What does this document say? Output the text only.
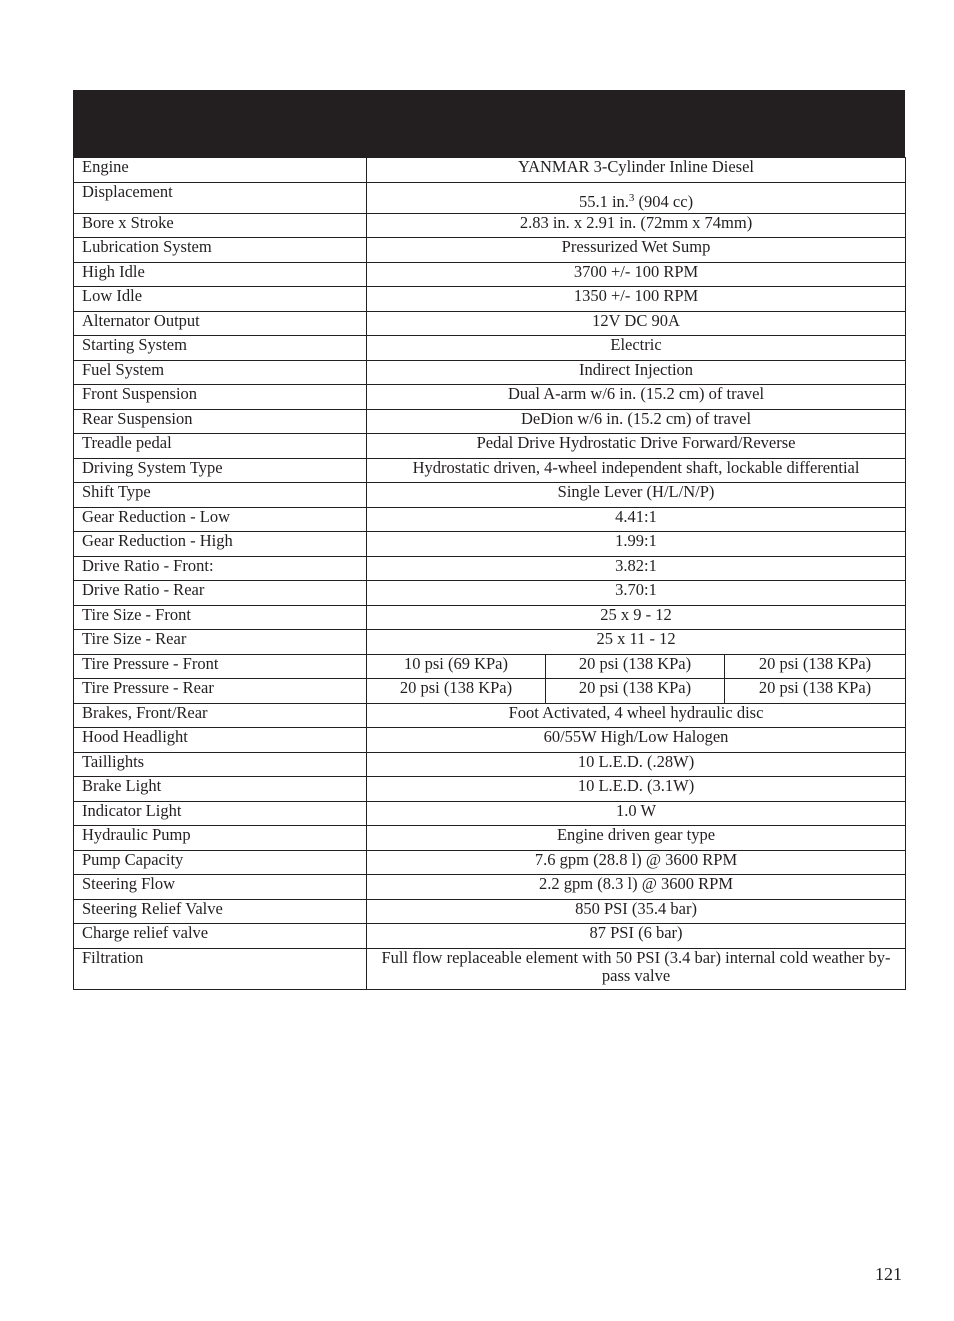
Engine	YANMAR 3-Cylinder Inline Diesel		
Displacement	55.1 in.$^3$ (904 cc)		
Bore x Stroke	2.83 in. x 2.91 in. (72mm x 74mm)		
Lubrication System	Pressurized Wet Sump		
High Idle	3700 +/- 100 RPM		
Low Idle	1350 +/- 100 RPM		
Alternator Output	12V DC 90A		
Starting System	Electric		
Fuel System	Indirect Injection		
Front Suspension	Dual A-arm w/6 in. (15.2 cm) of travel		
Rear Suspension	DeDion w/6 in. (15.2 cm) of travel		
Treadle pedal	Pedal Drive Hydrostatic Drive Forward/Reverse		
Driving System Type	Hydrostatic driven, 4-wheel independent shaft, lockable differential		
Shift Type	Single Lever (H/L/N/P)		
Gear Reduction - Low	4.41:1		
Gear Reduction - High	1.99:1		
Drive Ratio - Front:	3.82:1		
Drive Ratio - Rear	3.70:1		
Tire Size - Front	25 x 9 - 12		
Tire Size - Rear	25 x 11 - 12		
Tire Pressure - Front	10 psi (69 KPa)	20 psi (138 KPa)	20 psi (138 KPa)
Tire Pressure - Rear	20 psi (138 KPa)	20 psi (138 KPa)	20 psi (138 KPa)
Brakes, Front/Rear	Foot Activated, 4 wheel hydraulic disc		
Hood Headlight	60/55W High/Low Halogen		
Taillights	10 L.E.D. (.28W)		
Brake Light	10 L.E.D. (3.1W)		
Indicator Light	1.0 W		
Hydraulic Pump	Engine driven gear type		
Pump Capacity	7.6 gpm (28.8 l) @ 3600 RPM		
Steering Flow	2.2 gpm (8.3 l) @ 3600 RPM		
Steering Relief Valve	850 PSI (35.4 bar)		
Charge relief valve	87 PSI (6 bar)		
Filtration	Full flow replaceable element with 50 PSI (3.4 bar) internal cold weather by-pass valve		
121
